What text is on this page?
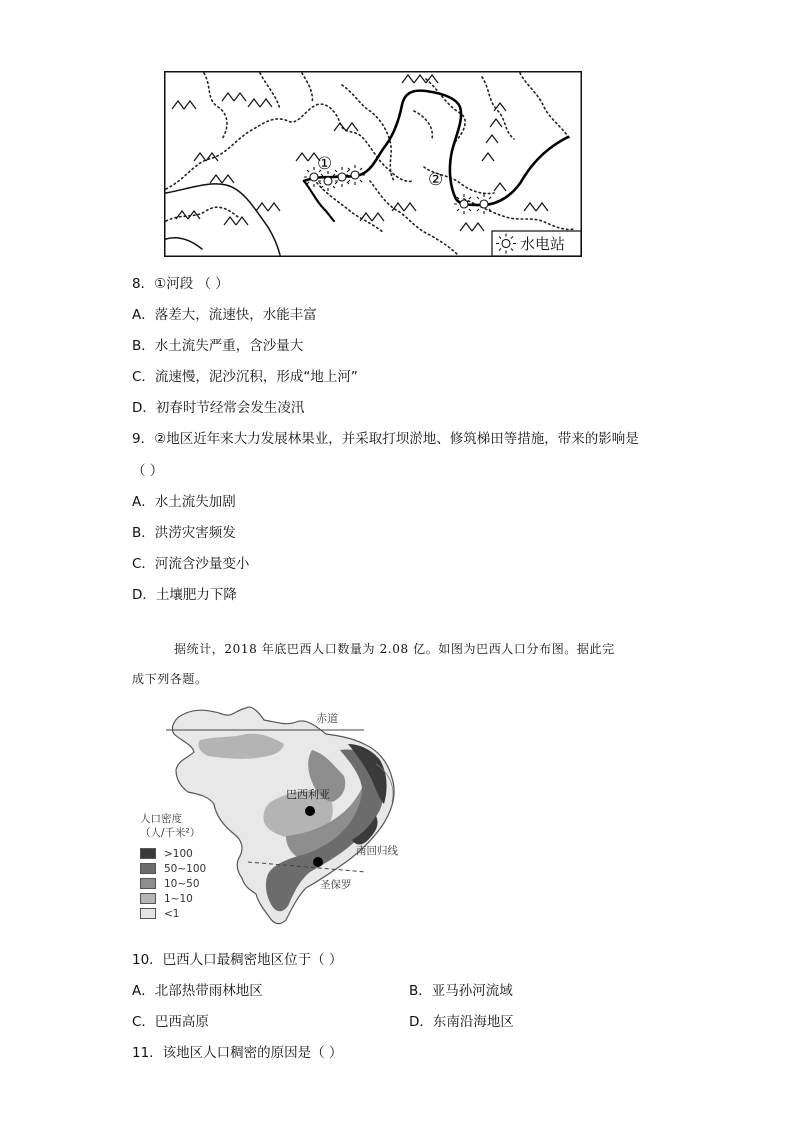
①
②
水电站
8．①河段 （ ）
A．落差大，流速快，水能丰富
B．水土流失严重，含沙量大
C．流速慢，泥沙沉积，形成“地上河”
D．初春时节经常会发生凌汛
9．②地区近年来大力发展林果业，并采取打坝淤地、修筑梯田等措施，带来的影响是
（ ）
A．水土流失加剧
B．洪涝灾害频发
C．河流含沙量变小
D．土壤肥力下降
据统计，2018 年底巴西人口数量为 2.08 亿。如图为巴西人口分布图。据此完
成下列各题。
赤道
南回归线
巴西利亚
圣保罗
人口密度
（人/千米²）
>100
50~100
10~50
1~10
<1
10．巴西人口最稠密地区位于（ ）
A．北部热带雨林地区	B．亚马孙河流域
C．巴西高原	D．东南沿海地区
11．该地区人口稠密的原因是（ ）
